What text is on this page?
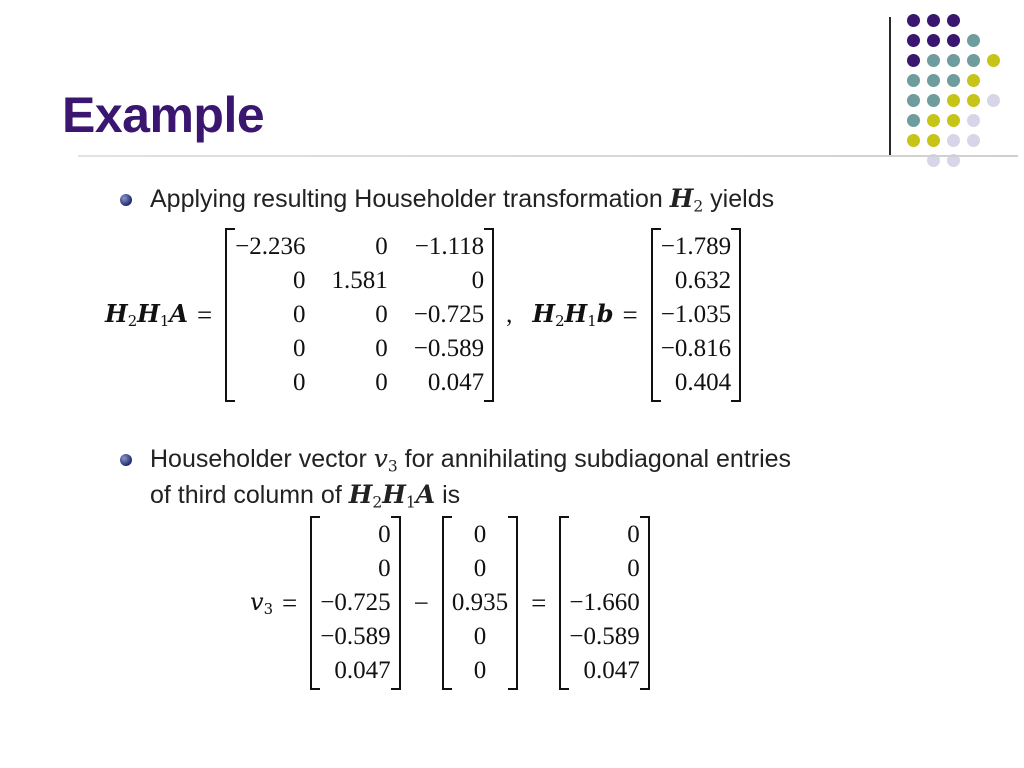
Example
Applying resulting Householder transformation $H_2$ yields
$H_2H_1A$ =
−2.236	0 −1.118
0 1.581	0
0	0 −0.725
0	0 −0.589
0	0	0.047
, $H_2H_1b$ =
−1.789
0.632
−1.035
−0.816
0.404
Householder vector $v_3$ for annihilating subdiagonal entries
of third column of $H_2H_1A$ is
$v_3$ =
0
0
−0.725
−0.589
0.047
−
0
0
0.935
0
0
=
0
0
−1.660
−0.589
0.047
